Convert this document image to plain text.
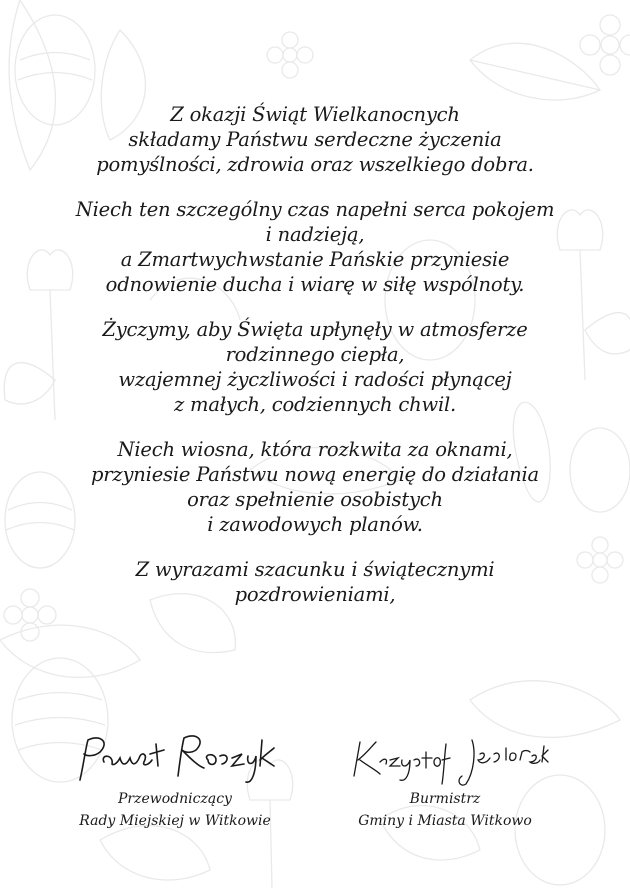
Z okazji Świąt Wielkanocnych
składamy Państwu serdeczne życzenia
pomyślności, zdrowia oraz wszelkiego dobra.

Niech ten szczególny czas napełni serca pokojem
i nadzieją,
a Zmartwychwstanie Pańskie przyniesie
odnowienie ducha i wiarę w siłę wspólnoty.

Życzymy, aby Święta upłynęły w atmosferze
rodzinnego ciepła,
wzajemnej życzliwości i radości płynącej
z małych, codziennych chwil.

Niech wiosna, która rozkwita za oknami,
przyniesie Państwu nową energię do działania
oraz spełnienie osobistych
i zawodowych planów.

Z wyrazami szacunku i świątecznymi
pozdrowieniami,

Przewodniczący
Rady Miejskiej w Witkowie
Burmistrz
Gminy i Miasta Witkowo
